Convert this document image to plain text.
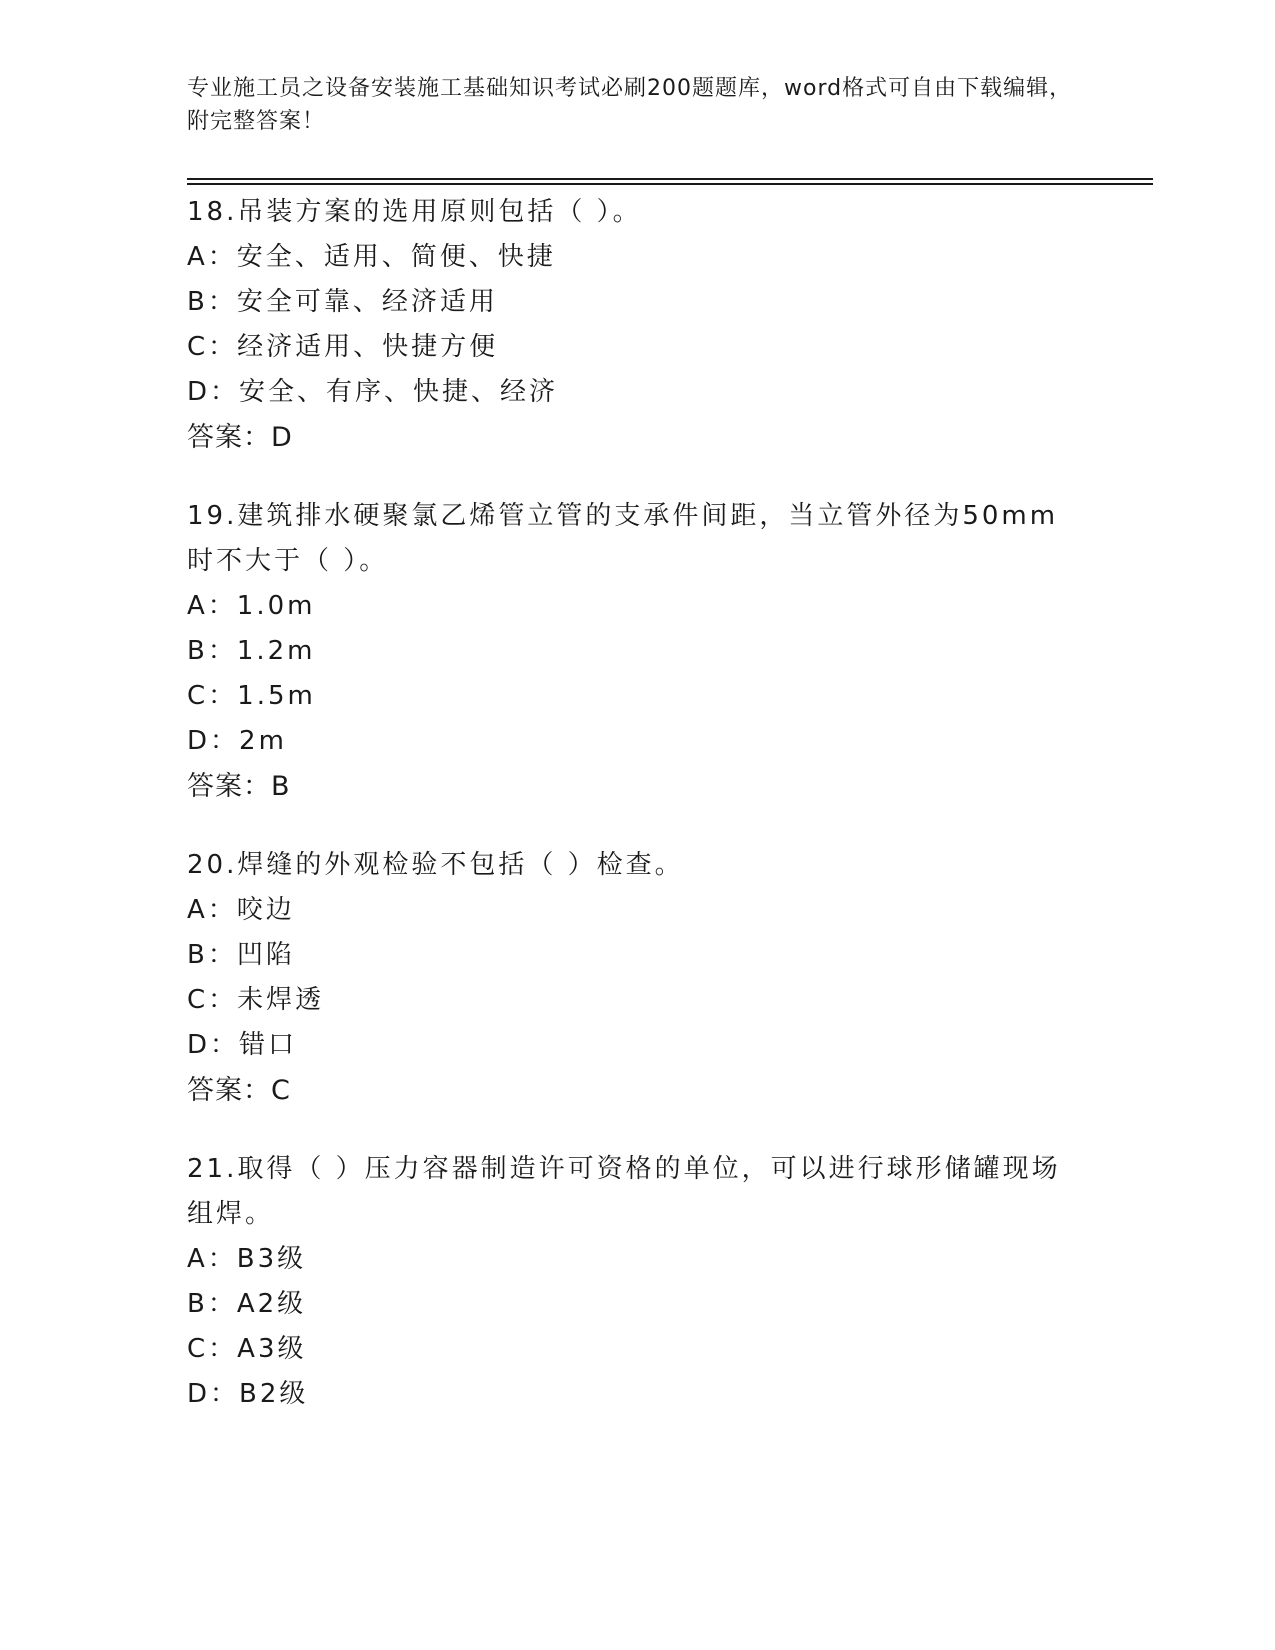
专业施工员之设备安装施工基础知识考试必刷200题题库，word格式可自由下载编辑，附完整答案！

18.吊装方案的选用原则包括（ ）。

A：安全、适用、简便、快捷

B：安全可靠、经济适用

C：经济适用、快捷方便

D：安全、有序、快捷、经济

答案：D

19.建筑排水硬聚氯乙烯管立管的支承件间距，当立管外径为50mm时不大于（ ）。

A：1.0m

B：1.2m

C：1.5m

D：2m

答案：B

20.焊缝的外观检验不包括（ ）检查。

A：咬边

B：凹陷

C：未焊透

D：错口

答案：C

21.取得（ ）压力容器制造许可资格的单位，可以进行球形储罐现场组焊。

A：B3级

B：A2级

C：A3级

D：B2级
